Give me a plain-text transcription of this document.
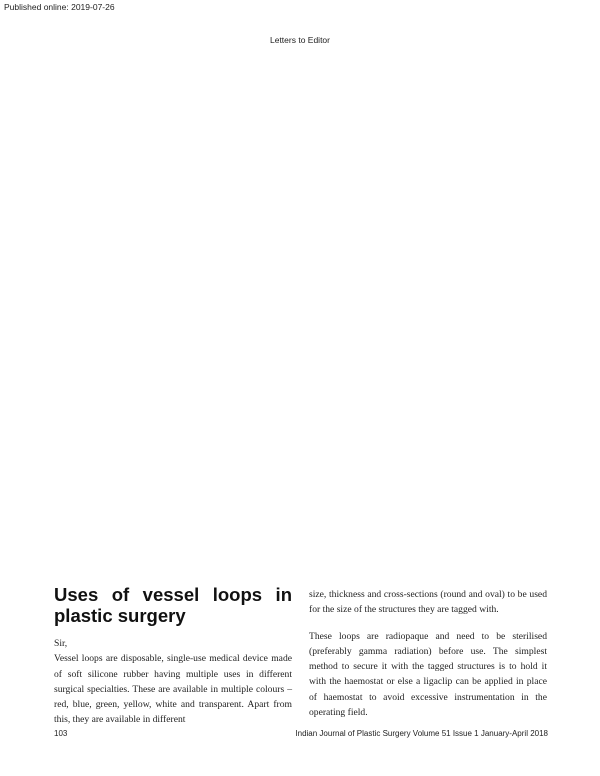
Published online: 2019-07-26
Letters to Editor
Uses of vessel loops in plastic surgery

Sir,

Vessel loops are disposable, single-use medical device made of soft silicone rubber having multiple uses in different surgical specialties. These are available in multiple colours – red, blue, green, yellow, white and transparent. Apart from this, they are available in different

size, thickness and cross-sections (round and oval) to be used for the size of the structures they are tagged with.

These loops are radiopaque and need to be sterilised (preferably gamma radiation) before use. The simplest method to secure it with the tagged structures is to hold it with the haemostat or else a ligaclip can be applied in place of haemostat to avoid excessive instrumentation in the operating field.

103	Indian Journal of Plastic Surgery Volume 51 Issue 1 January-April 2018
